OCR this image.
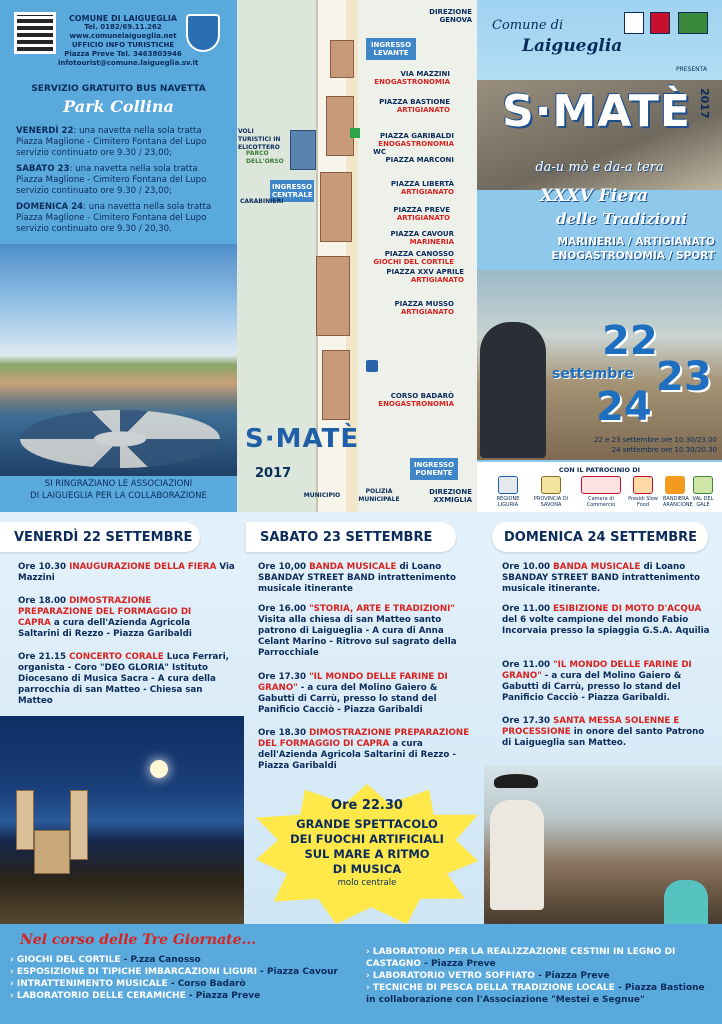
COMUNE DI LAIGUEGLIA
Tel. 0182/69.11.262
www.comunelaigueglia.net
UFFICIO INFO TURISTICHE
Piazza Preve Tel. 3463803946
infotourist@comune.laigueglia.sv.it
SERVIZIO GRATUITO BUS NAVETTA
Park Collina
VENERDÌ 22: una navetta nella sola tratta Piazza Maglione - Cimitero Fontana del Lupo servizio continuato ore 9.30 / 23,00;
SABATO 23: una navetta nella sola tratta Piazza Maglione - Cimitero Fontana del Lupo servizio continuato ore 9.30 / 23,00;
DOMENICA 24: una navetta nella sola tratta Piazza Maglione - Cimitero Fontana del Lupo servizio continuato ore 9.30 / 20,30.
SI RINGRAZIANO LE ASSOCIAZIONI
DI LAIGUEGLIA PER LA COLLABORAZIONE
VIA MAZZINI
ENOGASTRONOMIA
PIAZZA BASTIONE
ARTIGIANATO
PIAZZA GARIBALDI
ENOGASTRONOMIA
PIAZZA MARCONI
PIAZZA LIBERTÀ
ARTIGIANATO
PIAZZA PREVE
ARTIGIANATO
PIAZZA CAVOUR
MARINERIA
PIAZZA CANOSSO
GIOCHI DEL CORTILE
PIAZZA XXV APRILE
ARTIGIANATO
PIAZZA MUSSO
ARTIGIANATO
CORSO BADARÒ
ENOGASTRONOMIA
INGRESSO LEVANTE
INGRESSO CENTRALE
INGRESSO PONENTE
DIREZIONE GENOVA
DIREZIONE XXMIGLIA
VOLI TURISTICI IN ELICOTTERO
PARCO DELL'ORSO
CARABINIERI
WC
MUNICIPIO
POLIZIA MUNICIPALE
S·MATÈ
2017
Comune di
Laigueglia
PRESENTA
S·MATÈ 2017
da-u mò e da-a tera
XXXV Fiera
delle Tradizioni
MARINERIA / ARTIGIANATO
ENOGASTRONOMIA / SPORT
22
settembre 23
24
22 e 23 settembre ore 10.30/23.00
24 settembre ore 10.30/20.30
CON IL PATROCINIO DI
REGIONE LIGURIA
PROVINCIA DI SAVONA
Camera di Commercio
Presidi Slow Food
BANDIERA ARANCIONE
VAL DEL GALE
VENERDÌ 22 SETTEMBRE
Ore 10.30 INAUGURAZIONE DELLA FIERA Via Mazzini
Ore 18.00 DIMOSTRAZIONE PREPARAZIONE DEL FORMAGGIO DI CAPRA a cura dell'Azienda Agricola Saltarini di Rezzo - Piazza Garibaldi
Ore 21.15 CONCERTO CORALE Luca Ferrari, organista - Coro "DEO GLORIA" Istituto Diocesano di Musica Sacra - A cura della parrocchia di san Matteo - Chiesa san Matteo
SABATO 23 SETTEMBRE
Ore 10,00 BANDA MUSICALE di Loano SBANDAY STREET BAND intrattenimento musicale itinerante
Ore 16.00 "STORIA, ARTE E TRADIZIONI" Visita alla chiesa di san Matteo santo patrono di Laigueglia - A cura di Anna Celant Marino - Ritrovo sul sagrato della Parrocchiale
Ore 17.30 "IL MONDO DELLE FARINE DI GRANO" - a cura del Molino Gaiero & Gabutti di Carrù, presso lo stand del Panificio Cacciò - Piazza Garibaldi
Ore 18.30 DIMOSTRAZIONE PREPARAZIONE DEL FORMAGGIO DI CAPRA a cura dell'Azienda Agricola Saltarini di Rezzo - Piazza Garibaldi
Ore 22.30
GRANDE SPETTACOLO
DEI FUOCHI ARTIFICIALI
SUL MARE A RITMO
DI MUSICA
molo centrale
DOMENICA 24 SETTEMBRE
Ore 10.00 BANDA MUSICALE di Loano SBANDAY STREET BAND intrattenimento musicale itinerante.
Ore 11.00 ESIBIZIONE DI MOTO D'ACQUA del 6 volte campione del mondo Fabio Incorvaia presso la spiaggia G.S.A. Aquilia
Ore 11.00 "IL MONDO DELLE FARINE DI GRANO" - a cura del Molino Gaiero & Gabutti di Carrù, presso lo stand del Panificio Cacciò - Piazza Garibaldi.
Ore 17.30 SANTA MESSA SOLENNE E PROCESSIONE in onore del santo Patrono di Laigueglia san Matteo.
Nel corso delle Tre Giornate...
› GIOCHI DEL CORTILE - P.zza Canosso
› ESPOSIZIONE DI TIPICHE IMBARCAZIONI LIGURI - Piazza Cavour
› INTRATTENIMENTO MUSICALE - Corso Badarò
› LABORATORIO DELLE CERAMICHE - Piazza Preve
› LABORATORIO PER LA REALIZZAZIONE CESTINI IN LEGNO DI CASTAGNO - Piazza Preve
› LABORATORIO VETRO SOFFIATO - Piazza Preve
› TECNICHE DI PESCA DELLA TRADIZIONE LOCALE - Piazza Bastione in collaborazione con l'Associazione "Mestei e Segnue"
